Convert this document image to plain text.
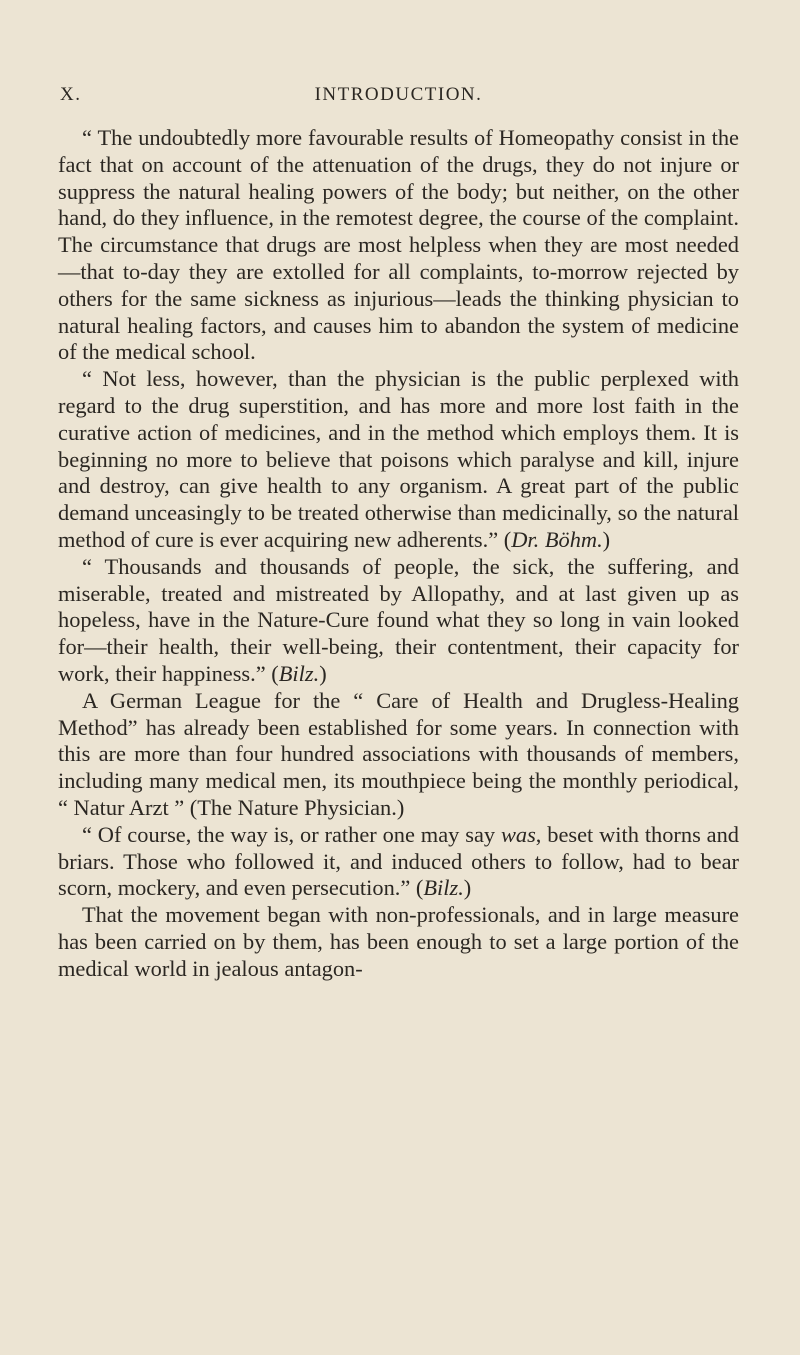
X.	INTRODUCTION.

“ The undoubtedly more favourable results of Homeopathy consist in the fact that on account of the attenuation of the drugs, they do not injure or suppress the natural healing powers of the body; but neither, on the other hand, do they influence, in the remotest degree, the course of the complaint. The circumstance that drugs are most helpless when they are most needed—that to-day they are extolled for all complaints, to-morrow rejected by others for the same sickness as injurious—leads the thinking physician to natural healing factors, and causes him to abandon the system of medicine of the medical school.

“ Not less, however, than the physician is the public perplexed with regard to the drug superstition, and has more and more lost faith in the curative action of medicines, and in the method which employs them. It is beginning no more to believe that poisons which paralyse and kill, injure and destroy, can give health to any organism. A great part of the public demand unceasingly to be treated otherwise than medicinally, so the natural method of cure is ever acquiring new adherents.” (Dr. Böhm.)

“ Thousands and thousands of people, the sick, the suffering, and miserable, treated and mistreated by Allopathy, and at last given up as hopeless, have in the Nature-Cure found what they so long in vain looked for—their health, their well-being, their contentment, their capacity for work, their happiness.” (Bilz.)

A German League for the “ Care of Health and Drugless-Healing Method” has already been established for some years. In connection with this are more than four hundred associations with thousands of members, including many medical men, its mouthpiece being the monthly periodical, “ Natur Arzt ” (The Nature Physician.)

“ Of course, the way is, or rather one may say was, beset with thorns and briars. Those who followed it, and induced others to follow, had to bear scorn, mockery, and even persecution.” (Bilz.)

That the movement began with non-professionals, and in large measure has been carried on by them, has been enough to set a large portion of the medical world in jealous antagon-
